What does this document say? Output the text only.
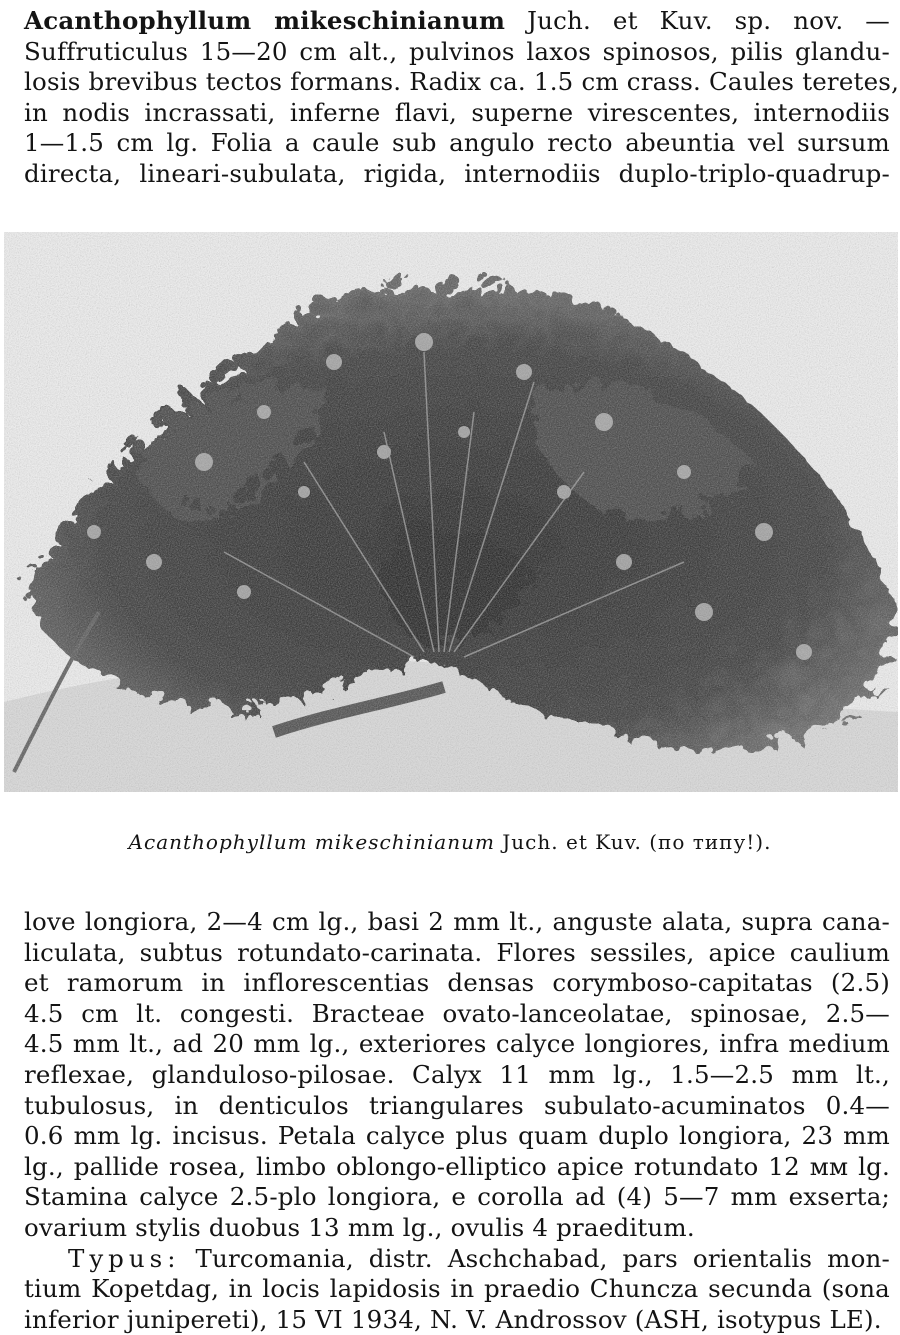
Acanthophyllum mikeschinianum Juch. et Kuv. sp. nov. —
Suffruticulus 15—20 cm alt., pulvinos laxos spinosos, pilis glandu-
losis brevibus tectos formans. Radix ca. 1.5 cm crass. Caules teretes,
in nodis incrassati, inferne flavi, superne virescentes, internodiis
1—1.5 cm lg. Folia a caule sub angulo recto abeuntia vel sursum
directa, lineari-subulata, rigida, internodiis duplo-triplo-quadrup-
Acanthophyllum mikeschinianum Juch. et Kuv. (по типу!).
love longiora, 2—4 cm lg., basi 2 mm lt., anguste alata, supra cana-
liculata, subtus rotundato-carinata. Flores sessiles, apice caulium
et ramorum in inflorescentias densas corymboso-capitatas (2.5)
4.5 cm lt. congesti. Bracteae ovato-lanceolatae, spinosae, 2.5—
4.5 mm lt., ad 20 mm lg., exteriores calyce longiores, infra medium
reflexae, glanduloso-pilosae. Calyx 11 mm lg., 1.5—2.5 mm lt.,
tubulosus, in denticulos triangulares subulato-acuminatos 0.4—
0.6 mm lg. incisus. Petala calyce plus quam duplo longiora, 23 mm
lg., pallide rosea, limbo oblongo-elliptico apice rotundato 12 мм lg.
Stamina calyce 2.5-plo longiora, e corolla ad (4) 5—7 mm exserta;
ovarium stylis duobus 13 mm lg., ovulis 4 praeditum.
Typus: Turcomania, distr. Aschchabad, pars orientalis mon-
tium Kopetdag, in locis lapidosis in praedio Chuncza secunda (sona
inferior junipereti), 15 VI 1934, N. V. Androssov (ASH, isotypus LE).
